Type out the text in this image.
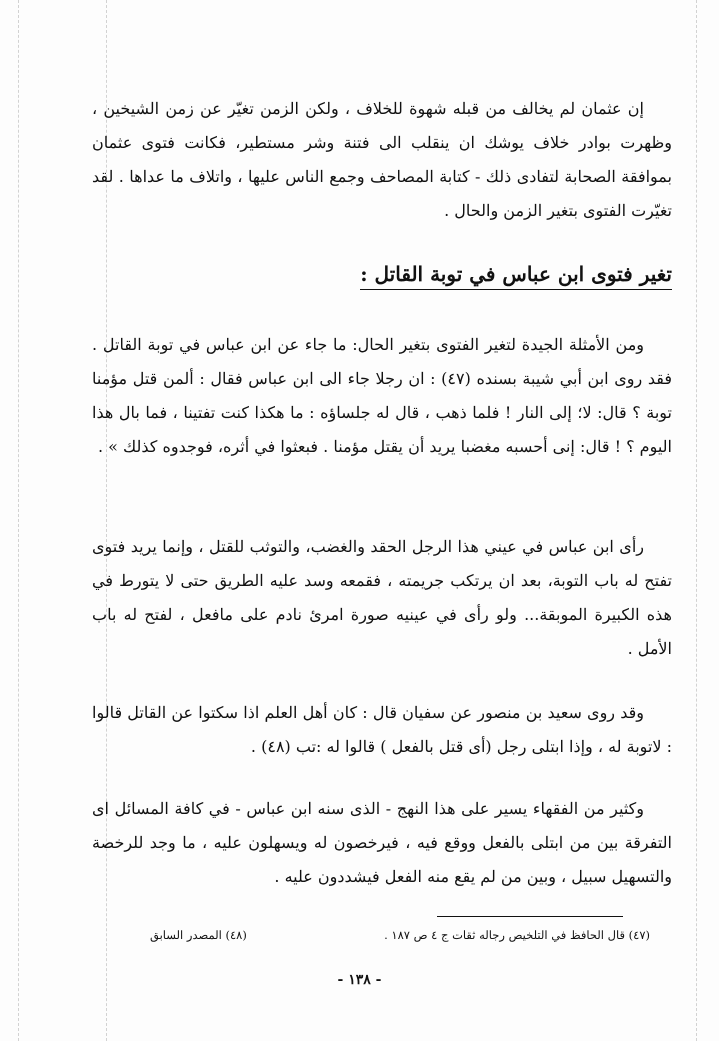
إن عثمان لم يخالف من قبله شهوة للخلاف ، ولكن الزمن تغيّر عن زمن الشيخين ، وظهرت بوادر خلاف يوشك ان ينقلب الى فتنة وشر مستطير، فكانت فتوى عثمان بموافقة الصحابة لتفادى ذلك - كتابة المصاحف وجمع الناس عليها ، واتلاف ما عداها . لقد تغيّرت الفتوى بتغير الزمن والحال .

تغير فتوى ابن عباس في توبة القاتل :

ومن الأمثلة الجيدة لتغير الفتوى بتغير الحال: ما جاء عن ابن عباس في توبة القاتل . فقد روى ابن أبي شيبة بسنده (٤٧) : ان رجلا جاء الى ابن عباس فقال : ألمن قتل مؤمنا توبة ؟ قال: لا؛ إلى النار ! فلما ذهب ، قال له جلساؤه : ما هكذا كنت تفتينا ، فما بال هذا اليوم ؟ ! قال: إنى أحسبه مغضبا يريد أن يقتل مؤمنا . فبعثوا في أثره، فوجدوه كذلك » .

رأى ابن عباس في عيني هذا الرجل الحقد والغضب، والتوثب للقتل ، وإنما يريد فتوى تفتح له باب التوبة، بعد ان يرتكب جريمته ، فقمعه وسد عليه الطريق حتى لا يتورط في هذه الكبيرة الموبقة... ولو رأى في عينيه صورة امرئ نادم على مافعل ، لفتح له باب الأمل .

وقد روى سعيد بن منصور عن سفيان قال : كان أهل العلم اذا سكتوا عن القاتل قالوا : لاتوبة له ، وإذا ابتلى رجل (أى قتل بالفعل ) قالوا له :تب (٤٨) .

وكثير من الفقهاء يسير على هذا النهج - الذى سنه ابن عباس - في كافة المسائل اى التفرقة بين من ابتلى بالفعل ووقع فيه ، فيرخصون له ويسهلون عليه ، ما وجد للرخصة والتسهيل سبيل ، وبين من لم يقع منه الفعل فيشددون عليه .

(٤٧) قال الحافظ في التلخيص رجاله ثقات ج ٤ ص ١٨٧ .
(٤٨) المصدر السابق
- ١٣٨ -
